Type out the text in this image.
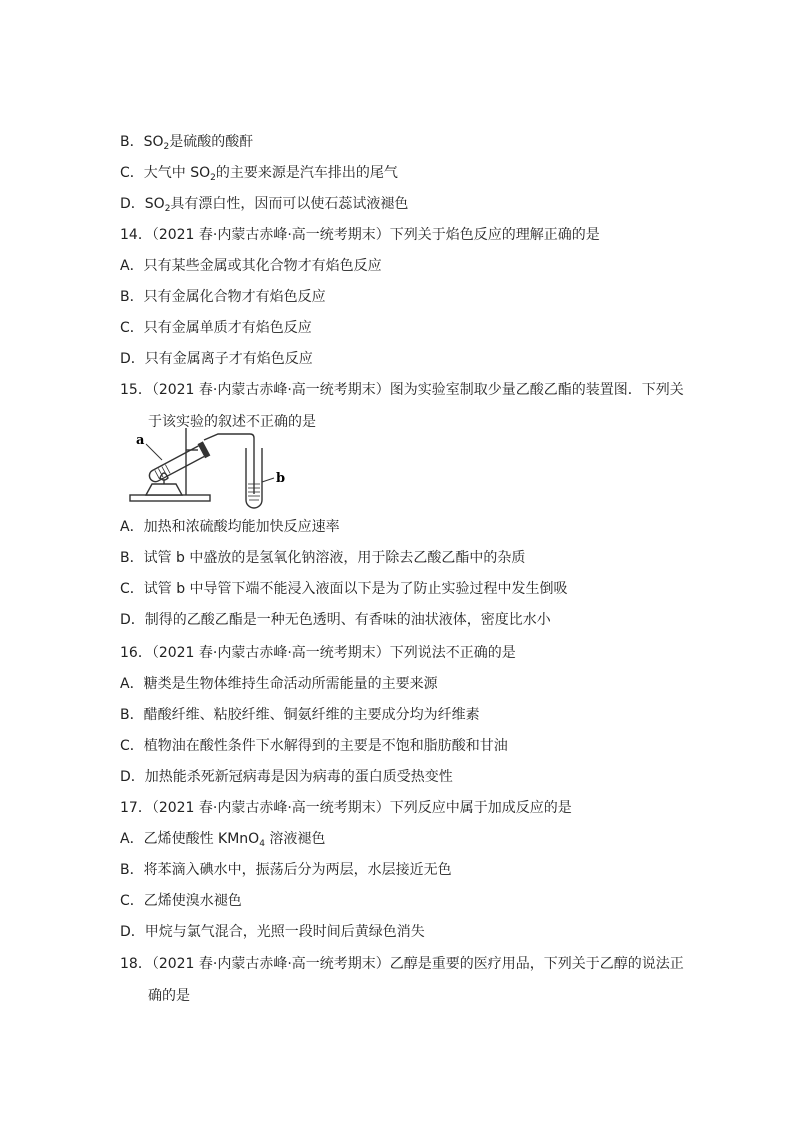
B．$SO_2$是硫酸的酸酐
C．大气中 $SO_2$的主要来源是汽车排出的尾气
D．$SO_2$具有漂白性，因而可以使石蕊试液褪色
14．（2021 春·内蒙古赤峰·高一统考期末）下列关于焰色反应的理解正确的是
A．只有某些金属或其化合物才有焰色反应
B．只有金属化合物才有焰色反应
C．只有金属单质才有焰色反应
D．只有金属离子才有焰色反应
15．（2021 春·内蒙古赤峰·高一统考期末）图为实验室制取少量乙酸乙酯的装置图．下列关
于该实验的叙述不正确的是
a
b
A．加热和浓硫酸均能加快反应速率
B．试管 b 中盛放的是氢氧化钠溶液，用于除去乙酸乙酯中的杂质
C．试管 b 中导管下端不能浸入液面以下是为了防止实验过程中发生倒吸
D．制得的乙酸乙酯是一种无色透明、有香味的油状液体，密度比水小
16．（2021 春·内蒙古赤峰·高一统考期末）下列说法不正确的是
A．糖类是生物体维持生命活动所需能量的主要来源
B．醋酸纤维、粘胶纤维、铜氨纤维的主要成分均为纤维素
C．植物油在酸性条件下水解得到的主要是不饱和脂肪酸和甘油
D．加热能杀死新冠病毒是因为病毒的蛋白质受热变性
17．（2021 春·内蒙古赤峰·高一统考期末）下列反应中属于加成反应的是
A．乙烯使酸性 KMnO$_4$ 溶液褪色
B．将苯滴入碘水中，振荡后分为两层，水层接近无色
C．乙烯使溴水褪色
D．甲烷与氯气混合，光照一段时间后黄绿色消失
18．（2021 春·内蒙古赤峰·高一统考期末）乙醇是重要的医疗用品，下列关于乙醇的说法正
确的是
